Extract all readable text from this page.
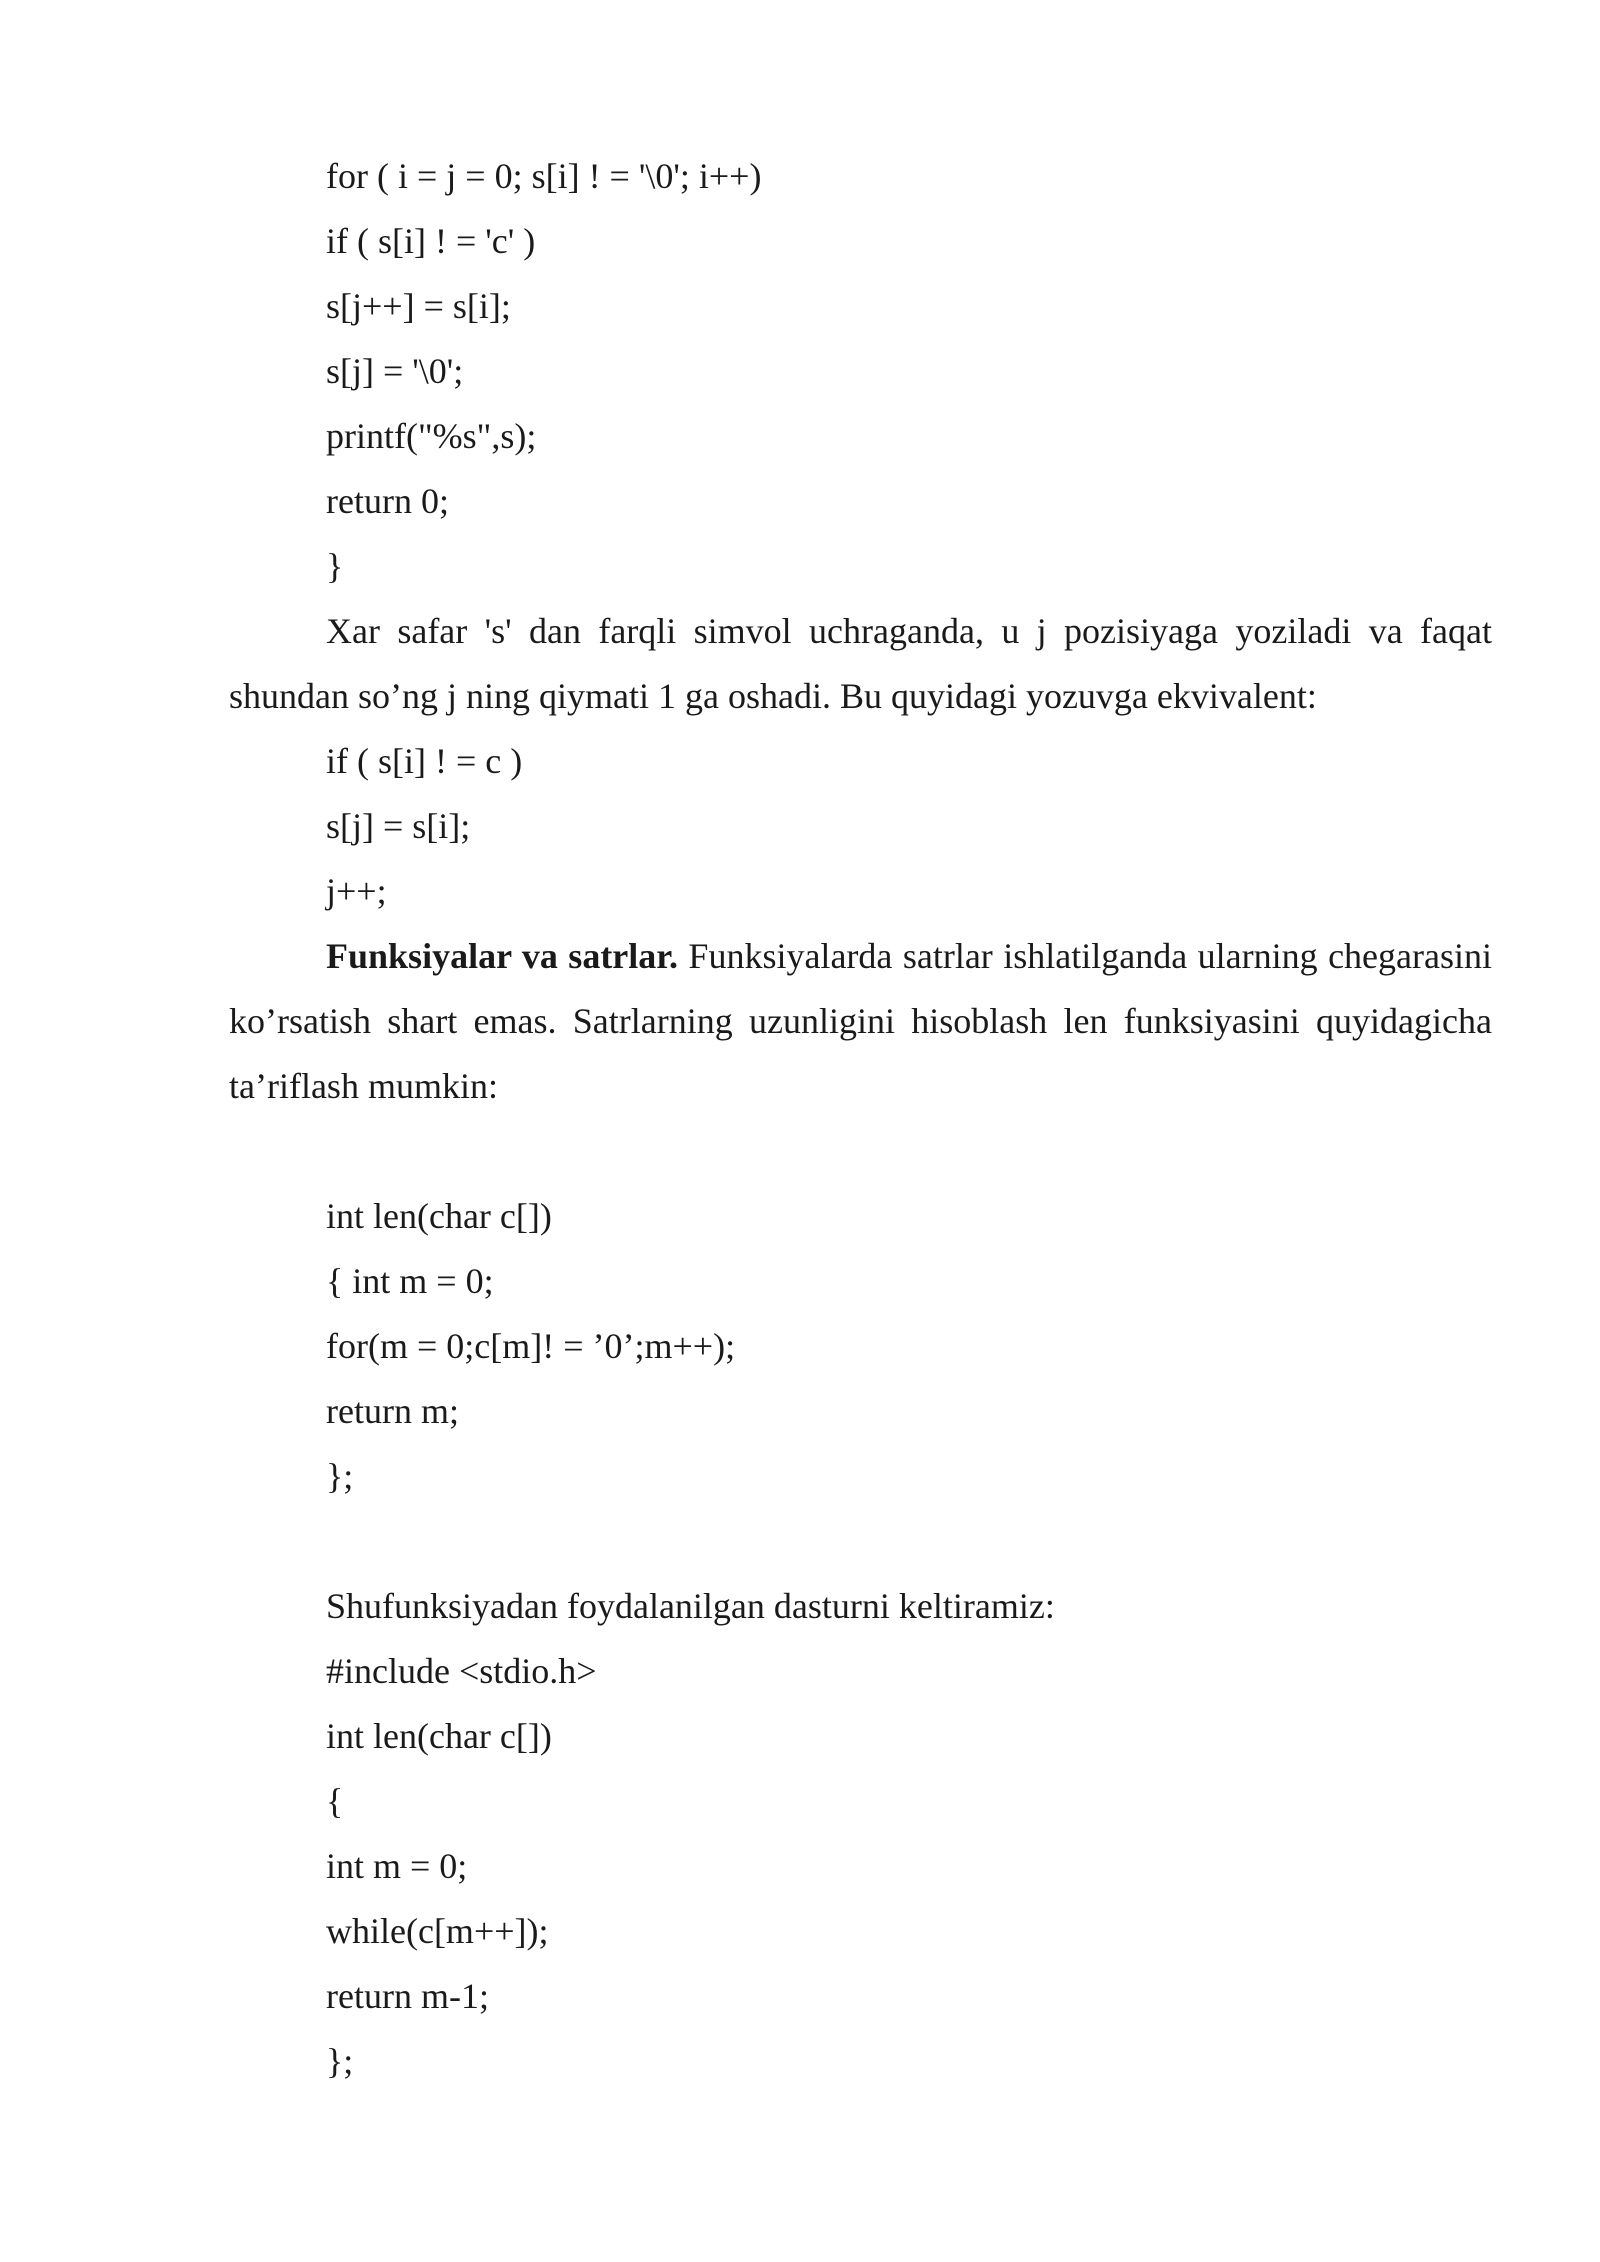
for ( i = j = 0; s[i] ! = '\0'; i++)
if ( s[i] ! = 'c' )
s[j++] = s[i];
s[j] = '\0';
printf("%s",s);
return 0;
}
Xar safar 's' dan farqli simvol uchraganda, u j pozisiyaga yoziladi va faqat shundan so’ng j ning qiymati 1 ga oshadi. Bu quyidagi yozuvga ekvivalent:
if ( s[i] ! = c )
s[j] = s[i];
j++;
Funksiyalar va satrlar. Funksiyalarda satrlar ishlatilganda ularning chegarasini ko’rsatish shart emas. Satrlarning uzunligini hisoblash len funksiyasini quyidagicha ta’riflash mumkin:
int len(char c[])
{ int m = 0;
for(m = 0;c[m]! = ’0’;m++);
return m;
};
Shufunksiyadan foydalanilgan dasturni keltiramiz:
#include <stdio.h>
int len(char c[])
{
int m = 0;
while(c[m++]);
return m-1;
};
